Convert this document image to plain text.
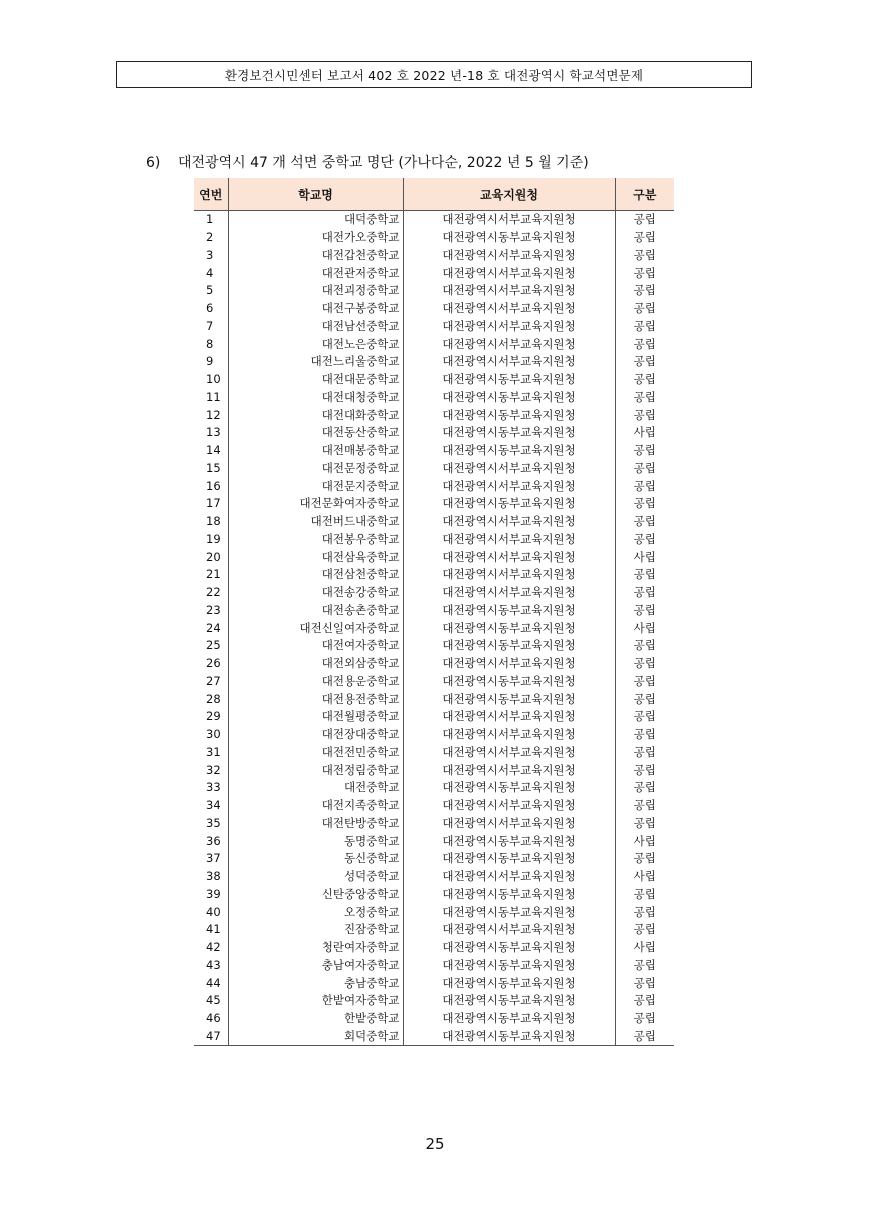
환경보건시민센터 보고서 402 호 2022 년-18 호 대전광역시 학교석면문제
6) 대전광역시 47 개 석면 중학교 명단 (가나다순, 2022 년 5 월 기준)
연번	학교명	교육지원청	구분
1	대덕중학교	대전광역시서부교육지원청	공립
2	대전가오중학교	대전광역시동부교육지원청	공립
3	대전갑천중학교	대전광역시서부교육지원청	공립
4	대전관저중학교	대전광역시서부교육지원청	공립
5	대전괴정중학교	대전광역시서부교육지원청	공립
6	대전구봉중학교	대전광역시서부교육지원청	공립
7	대전남선중학교	대전광역시서부교육지원청	공립
8	대전노은중학교	대전광역시서부교육지원청	공립
9	대전느리울중학교	대전광역시서부교육지원청	공립
10	대전대문중학교	대전광역시동부교육지원청	공립
11	대전대청중학교	대전광역시동부교육지원청	공립
12	대전대화중학교	대전광역시동부교육지원청	공립
13	대전동산중학교	대전광역시동부교육지원청	사립
14	대전매봉중학교	대전광역시동부교육지원청	공립
15	대전문정중학교	대전광역시서부교육지원청	공립
16	대전문지중학교	대전광역시서부교육지원청	공립
17	대전문화여자중학교	대전광역시동부교육지원청	공립
18	대전버드내중학교	대전광역시서부교육지원청	공립
19	대전봉우중학교	대전광역시서부교육지원청	공립
20	대전삼육중학교	대전광역시서부교육지원청	사립
21	대전삼천중학교	대전광역시서부교육지원청	공립
22	대전송강중학교	대전광역시서부교육지원청	공립
23	대전송촌중학교	대전광역시동부교육지원청	공립
24	대전신일여자중학교	대전광역시동부교육지원청	사립
25	대전여자중학교	대전광역시동부교육지원청	공립
26	대전외삼중학교	대전광역시서부교육지원청	공립
27	대전용운중학교	대전광역시동부교육지원청	공립
28	대전용전중학교	대전광역시동부교육지원청	공립
29	대전월평중학교	대전광역시서부교육지원청	공립
30	대전장대중학교	대전광역시서부교육지원청	공립
31	대전전민중학교	대전광역시서부교육지원청	공립
32	대전정림중학교	대전광역시서부교육지원청	공립
33	대전중학교	대전광역시동부교육지원청	공립
34	대전지족중학교	대전광역시서부교육지원청	공립
35	대전탄방중학교	대전광역시서부교육지원청	공립
36	동명중학교	대전광역시동부교육지원청	사립
37	동신중학교	대전광역시동부교육지원청	공립
38	성덕중학교	대전광역시서부교육지원청	사립
39	신탄중앙중학교	대전광역시동부교육지원청	공립
40	오정중학교	대전광역시동부교육지원청	공립
41	진잠중학교	대전광역시서부교육지원청	공립
42	청란여자중학교	대전광역시동부교육지원청	사립
43	충남여자중학교	대전광역시동부교육지원청	공립
44	충남중학교	대전광역시동부교육지원청	공립
45	한밭여자중학교	대전광역시동부교육지원청	공립
46	한밭중학교	대전광역시동부교육지원청	공립
47	회덕중학교	대전광역시동부교육지원청	공립
25
